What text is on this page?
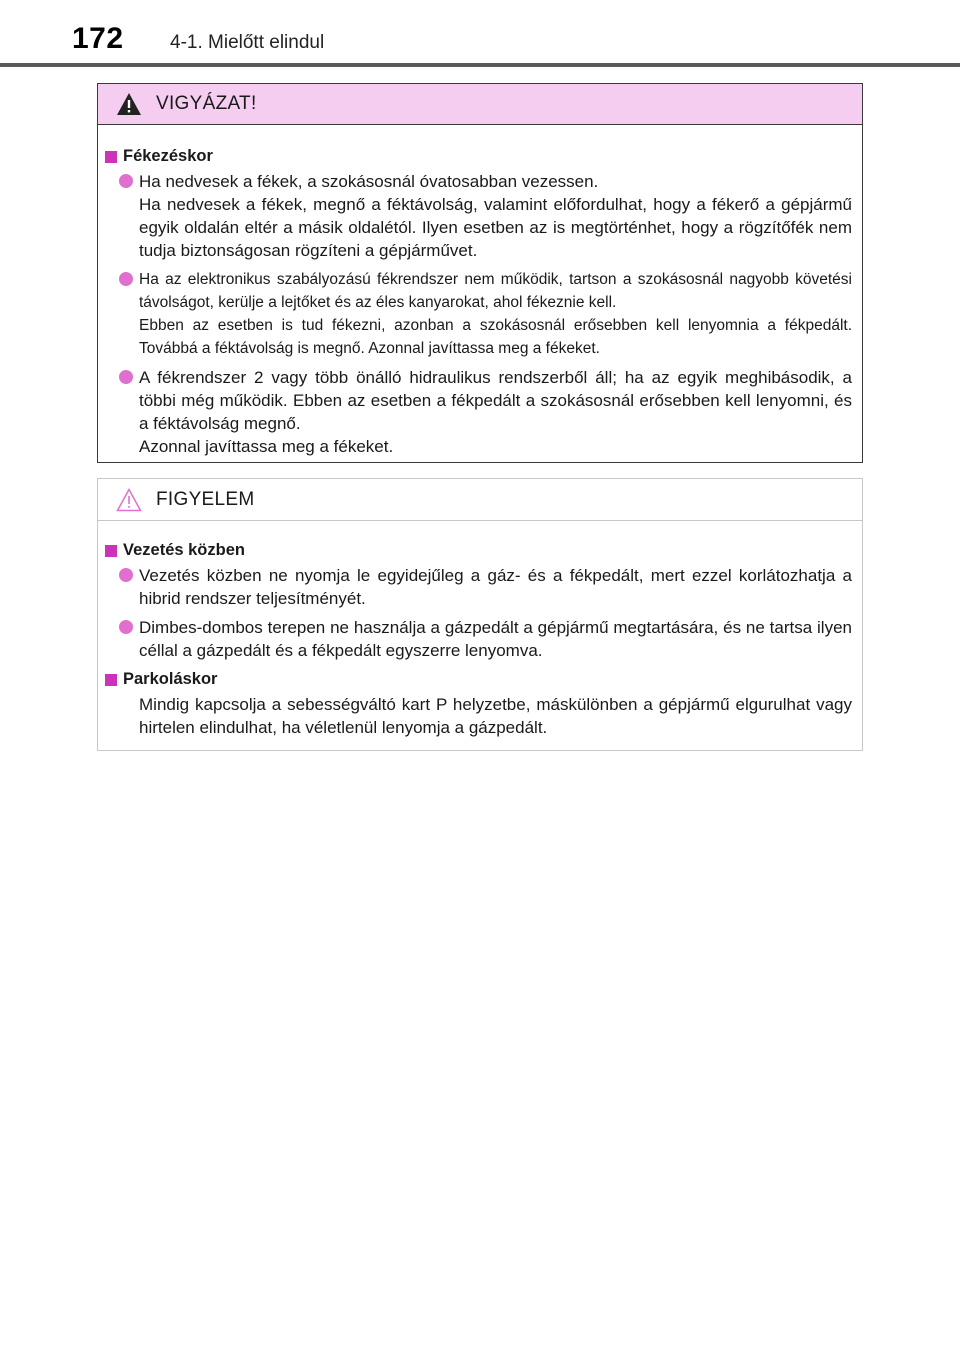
172 4-1. Mielőtt elindul
VIGYÁZAT!
Fékezéskor

Ha nedvesek a fékek, a szokásosnál óvatosabban vezessen.

Ha nedvesek a fékek, megnő a féktávolság, valamint előfordulhat, hogy a fékerő a gépjármű egyik oldalán eltér a másik oldalétól. Ilyen esetben az is megtörténhet, hogy a rögzítőfék nem tudja biztonságosan rögzíteni a gépjárművet.

Ha az elektronikus szabályozású fékrendszer nem működik, tartson a szokásosnál nagyobb követési távolságot, kerülje a lejtőket és az éles kanyarokat, ahol fékeznie kell.

Ebben az esetben is tud fékezni, azonban a szokásosnál erősebben kell lenyomnia a fékpedált. Továbbá a féktávolság is megnő. Azonnal javíttassa meg a fékeket.

A fékrendszer 2 vagy több önálló hidraulikus rendszerből áll; ha az egyik meghibásodik, a többi még működik. Ebben az esetben a fékpedált a szokásosnál erősebben kell lenyomni, és a féktávolság megnő.

Azonnal javíttassa meg a fékeket.

FIGYELEM
Vezetés közben

Vezetés közben ne nyomja le egyidejűleg a gáz- és a fékpedált, mert ezzel korlátozhatja a hibrid rendszer teljesítményét.

Dimbes-dombos terepen ne használja a gázpedált a gépjármű megtartására, és ne tartsa ilyen céllal a gázpedált és a fékpedált egyszerre lenyomva.

Parkoláskor
Mindig kapcsolja a sebességváltó kart P helyzetbe, máskülönben a gépjármű elgurulhat vagy hirtelen elindulhat, ha véletlenül lenyomja a gázpedált.
